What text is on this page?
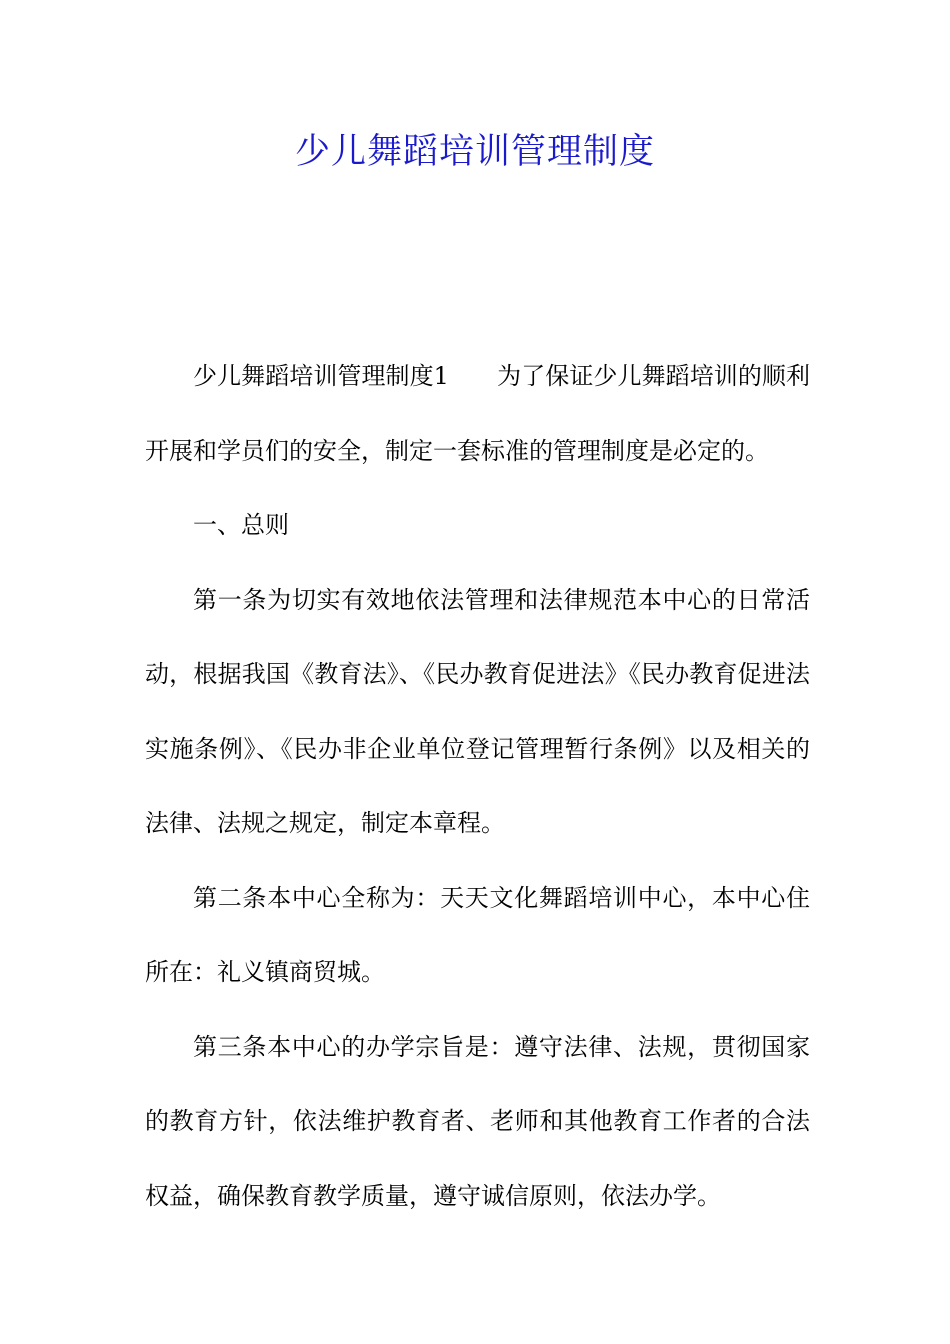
少儿舞蹈培训管理制度

少儿舞蹈培训管理制度1　　为了保证少儿舞蹈培训的顺利开展和学员们的安全，制定一套标准的管理制度是必定的。

一、总则

第一条为切实有效地依法管理和法律规范本中心的日常活动，根据我国《教育法》、《民办教育促进法》《民办教育促进法实施条例》、《民办非企业单位登记管理暂行条例》以及相关的法律、法规之规定，制定本章程。

第二条本中心全称为：天天文化舞蹈培训中心，本中心住所在：礼义镇商贸城。

第三条本中心的办学宗旨是：遵守法律、法规，贯彻国家的教育方针，依法维护教育者、老师和其他教育工作者的合法权益，确保教育教学质量，遵守诚信原则，依法办学。
